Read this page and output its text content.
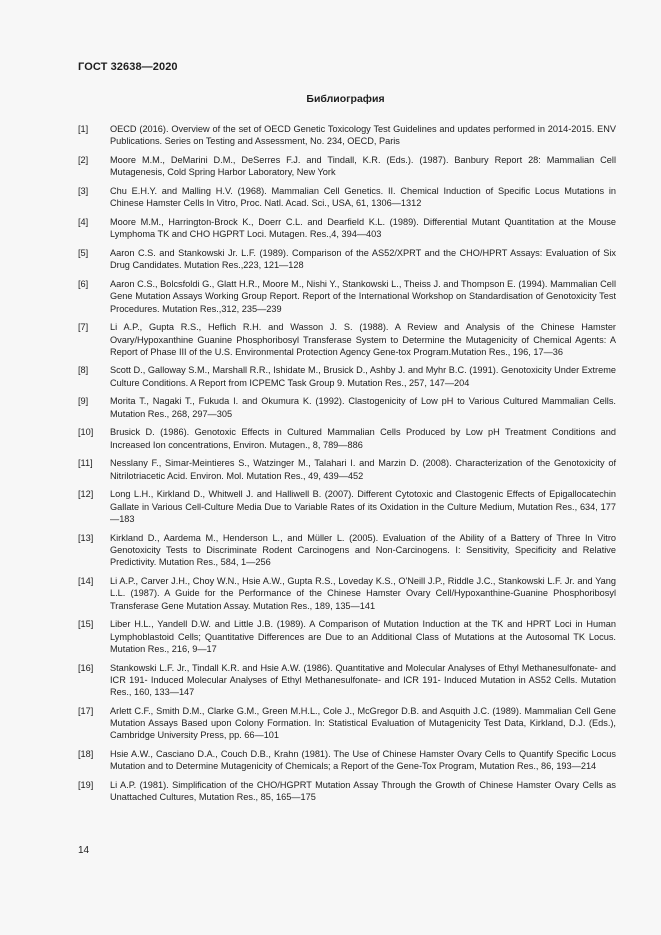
ГОСТ 32638—2020
Библиография
[1]	OECD (2016). Overview of the set of OECD Genetic Toxicology Test Guidelines and updates performed in 2014-2015. ENV Publications. Series on Testing and Assessment, No. 234, OECD, Paris
[2]	Moore M.M., DeMarini D.M., DeSerres F.J. and Tindall, K.R. (Eds.). (1987). Banbury Report 28: Mammalian Cell Mutagenesis, Cold Spring Harbor Laboratory, New York
[3]	Chu E.H.Y. and Malling H.V. (1968). Mammalian Cell Genetics. II. Chemical Induction of Specific Locus Mutations in Chinese Hamster Cells In Vitro, Proc. Natl. Acad. Sci., USA, 61, 1306—1312
[4]	Moore M.M., Harrington-Brock K., Doerr C.L. and Dearfield K.L. (1989). Differential Mutant Quantitation at the Mouse Lymphoma TK and CHO HGPRT Loci. Mutagen. Res.,4, 394—403
[5]	Aaron C.S. and Stankowski Jr. L.F. (1989). Comparison of the AS52/XPRT and the CHO/HPRT Assays: Evaluation of Six Drug Candidates. Mutation Res.,223, 121—128
[6]	Aaron C.S., Bolcsfoldi G., Glatt H.R., Moore M., Nishi Y., Stankowski L., Theiss J. and Thompson E. (1994). Mammalian Cell Gene Mutation Assays Working Group Report. Report of the International Workshop on Standardisation of Genotoxicity Test Procedures. Mutation Res.,312, 235—239
[7]	Li A.P., Gupta R.S., Heflich R.H. and Wasson J. S. (1988). A Review and Analysis of the Chinese Hamster Ovary/Hypoxanthine Guanine Phosphoribosyl Transferase System to Determine the Mutagenicity of Chemical Agents: A Report of Phase III of the U.S. Environmental Protection Agency Gene-tox Program.Mutation Res., 196, 17—36
[8]	Scott D., Galloway S.M., Marshall R.R., Ishidate M., Brusick D., Ashby J. and Myhr B.C. (1991). Genotoxicity Under Extreme Culture Conditions. A Report from ICPEMC Task Group 9. Mutation Res., 257, 147—204
[9]	Morita T., Nagaki T., Fukuda I. and Okumura K. (1992). Clastogenicity of Low pH to Various Cultured Mammalian Cells. Mutation Res., 268, 297—305
[10]	Brusick D. (1986). Genotoxic Effects in Cultured Mammalian Cells Produced by Low pH Treatment Conditions and Increased Ion concentrations, Environ. Mutagen., 8, 789—886
[11]	Nesslany F., Simar-Meintieres S., Watzinger M., Talahari I. and Marzin D. (2008). Characterization of the Genotoxicity of Nitrilotriacetic Acid. Environ. Mol. Mutation Res., 49, 439—452
[12]	Long L.H., Kirkland D., Whitwell J. and Halliwell B. (2007). Different Cytotoxic and Clastogenic Effects of Epigallocatechin Gallate in Various Cell-Culture Media Due to Variable Rates of its Oxidation in the Culture Medium, Mutation Res., 634, 177—183
[13]	Kirkland D., Aardema M., Henderson L., and Müller L. (2005). Evaluation of the Ability of a Battery of Three In Vitro Genotoxicity Tests to Discriminate Rodent Carcinogens and Non-Carcinogens. I: Sensitivity, Specificity and Relative Predictivity. Mutation Res., 584, 1—256
[14]	Li A.P., Carver J.H., Choy W.N., Hsie A.W., Gupta R.S., Loveday K.S., O'Neill J.P., Riddle J.C., Stankowski L.F. Jr. and Yang L.L. (1987). A Guide for the Performance of the Chinese Hamster Ovary Cell/Hypoxanthine-Guanine Phosphoribosyl Transferase Gene Mutation Assay. Mutation Res., 189, 135—141
[15]	Liber H.L., Yandell D.W. and Little J.B. (1989). A Comparison of Mutation Induction at the TK and HPRT Loci in Human Lymphoblastoid Cells; Quantitative Differences are Due to an Additional Class of Mutations at the Autosomal TK Locus. Mutation Res., 216, 9—17
[16]	Stankowski L.F. Jr., Tindall K.R. and Hsie A.W. (1986). Quantitative and Molecular Analyses of Ethyl Methanesulfonate- and ICR 191- Induced Molecular Analyses of Ethyl Methanesulfonate- and ICR 191- Induced Mutation in AS52 Cells. Mutation Res., 160, 133—147
[17]	Arlett C.F., Smith D.M., Clarke G.M., Green M.H.L., Cole J., McGregor D.B. and Asquith J.C. (1989). Mammalian Cell Gene Mutation Assays Based upon Colony Formation. In: Statistical Evaluation of Mutagenicity Test Data, Kirkland, D.J. (Eds.), Cambridge University Press, pp. 66—101
[18]	Hsie A.W., Casciano D.A., Couch D.B., Krahn (1981). The Use of Chinese Hamster Ovary Cells to Quantify Specific Locus Mutation and to Determine Mutagenicity of Chemicals; a Report of the Gene-Tox Program, Mutation Res., 86, 193—214
[19]	Li A.P. (1981). Simplification of the CHO/HGPRT Mutation Assay Through the Growth of Chinese Hamster Ovary Cells as Unattached Cultures, Mutation Res., 85, 165—175
14
